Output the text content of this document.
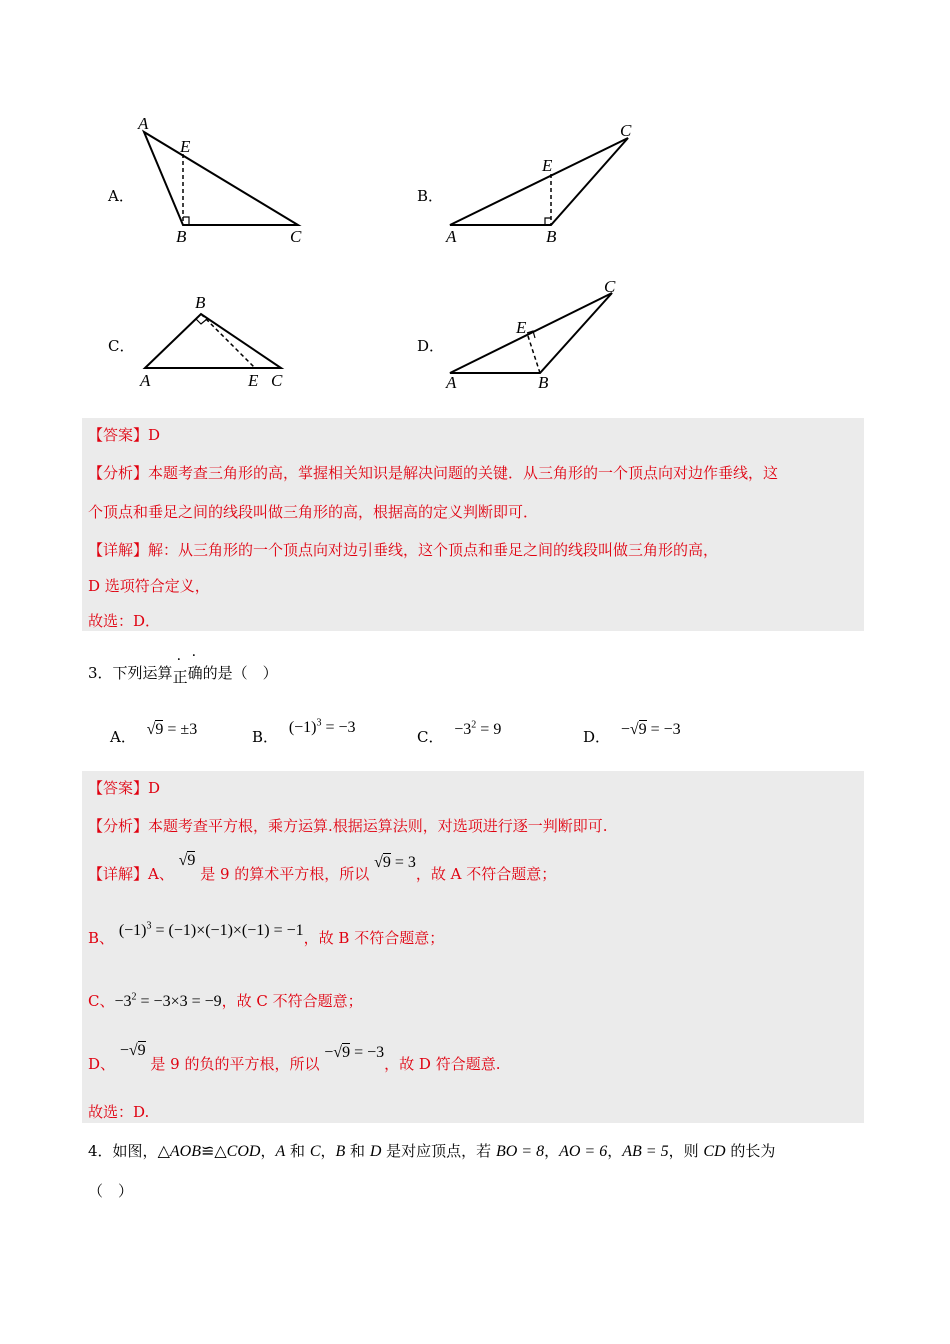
A．
A
E
B	C
B．
C
E
A	B
C．
B
A	E C
D．
C
E
A	B
【答案】D
【分析】本题考查三角形的高，掌握相关知识是解决问题的关键．从三角形的一个顶点向对边作垂线，这
个顶点和垂足之间的线段叫做三角形的高，根据高的定义判断即可．
【详解】解：从三角形的一个顶点向对边引垂线，这个顶点和垂足之间的线段叫做三角形的高，
D 选项符合定义，
故选：D．
3．下列运算正确的是（　）
A． √9 = ±3	B． $(-1)^3 = -3$
C． $-3^2 = 9$	D． −√9 = −3
【答案】D
【分析】本题考查平方根，乘方运算.根据运算法则，对选项进行逐一判断即可.
【详解】A、 √9 是 9 的算术平方根，所以 √9 = 3，故 A 不符合题意；
B、 $(-1)^3 = (-1)\times(-1)\times(-1) = -1$，故 B 不符合题意；
C、$-3^2 = -3\times 3 = -9$，故 C 不符合题意；
D、 −√9 是 9 的负的平方根，所以 −√9 = −3，故 D 符合题意.
故选：D.
4．如图，△AOB≌△COD，A 和 C，B 和 D 是对应顶点，若 BO = 8，AO = 6，AB = 5，则 CD 的长为
（　）
